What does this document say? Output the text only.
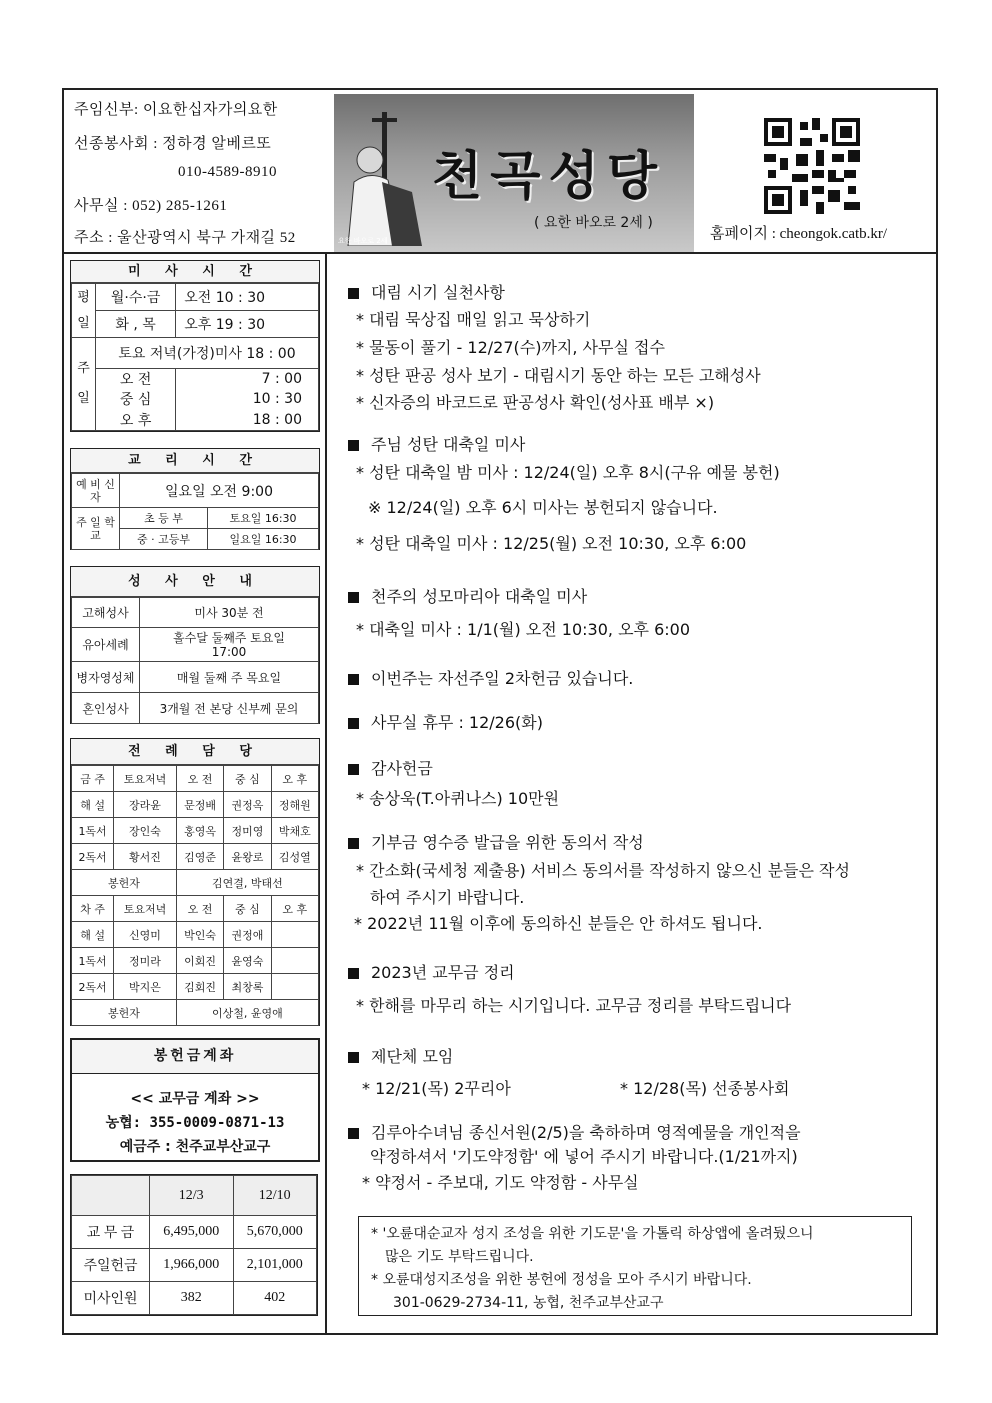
주임신부: 이요한십자가의요한
선종봉사회 : 정하경 알베르또
010-4589-8910
사무실 : 052) 285-1261
주소 : 울산광역시 북구 가재길 52
천곡성당
( 요한 바오로 2세 )
요한 바오로 2세	홈페이지 : cheongok.catb.kr/
미 사 시 간
평일	월·수·금	오전 10 : 30
	화 , 목	오후 19 : 30
주일	토요 저녁(가정)미사 18 : 00	
	오 전	7 : 00
	중 심	10 : 30
	오 후	18 : 00
교 리 시 간
예 비 신 자	일요일 오전 9:00	
주 일 학 교	초 등 부	토요일 16:30
	중 · 고등부	일요일 16:30
성 사 안 내
고해성사	미사 30분 전
유아세례	홀수달 둘째주 토요일 17:00
병자영성체	매월 둘째 주 목요일
혼인성사	3개월 전 본당 신부께 문의
전 례 담 당
금 주	토요저녁	오 전	중 심	오 후
해 설	장라윤	문정배	권정옥	정해원
1독서	장인숙	홍영옥	정미영	박채호
2독서	황서진	김영준	윤왕로	김성열
봉헌자		김연결, 박태선		
차 주	토요저녁	오 전	중 심	오 후
해 설	신영미	박인숙	권정애	
1독서	정미라	이회진	윤영숙	
2독서	박지은	김회진	최창록	
봉헌자		이상철, 윤영애		
봉헌금계좌
<< 교무금 계좌 >>
농협: 355-0009-0871-13
예금주 : 천주교부산교구
	12/3	12/10
교 무 금	6,495,000	5,670,000
주일헌금	1,966,000	2,101,000
미사인원	382	402
대림 시기 실천사항
* 대림 묵상집 매일 읽고 묵상하기
* 물동이 풀기 - 12/27(수)까지, 사무실 접수
* 성탄 판공 성사 보기 - 대림시기 동안 하는 모든 고해성사
* 신자증의 바코드로 판공성사 확인(성사표 배부 ×)
주님 성탄 대축일 미사
* 성탄 대축일 밤 미사 : 12/24(일) 오후 8시(구유 예물 봉헌)
※ 12/24(일) 오후 6시 미사는 봉헌되지 않습니다.
* 성탄 대축일 미사 : 12/25(월) 오전 10:30, 오후 6:00
천주의 성모마리아 대축일 미사
* 대축일 미사 : 1/1(월) 오전 10:30, 오후 6:00
이번주는 자선주일 2차헌금 있습니다.
사무실 휴무 : 12/26(화)
감사헌금
* 송상욱(T.아퀴나스) 10만원
기부금 영수증 발급을 위한 동의서 작성
* 간소화(국세청 제출용) 서비스 동의서를 작성하지 않으신 분들은 작성
하여 주시기 바랍니다.
* 2022년 11월 이후에 동의하신 분들은 안 하셔도 됩니다.
2023년 교무금 정리
* 한해를 마무리 하는 시기입니다. 교무금 정리를 부탁드립니다
제단체 모임
* 12/21(목) 2꾸리아	* 12/28(목) 선종봉사회
김루아수녀님 종신서원(2/5)을 축하하며 영적예물을 개인적을
약정하셔서 '기도약정함' 에 넣어 주시기 바랍니다.(1/21까지)
* 약정서 - 주보대, 기도 약정함 - 사무실
* '오륜대순교자 성지 조성을 위한 기도문'을 가톨릭 하상앱에 올려뒀으니
많은 기도 부탁드립니다.
* 오륜대성지조성을 위한 봉헌에 정성을 모아 주시기 바랍니다.
301-0629-2734-11, 농협, 천주교부산교구
